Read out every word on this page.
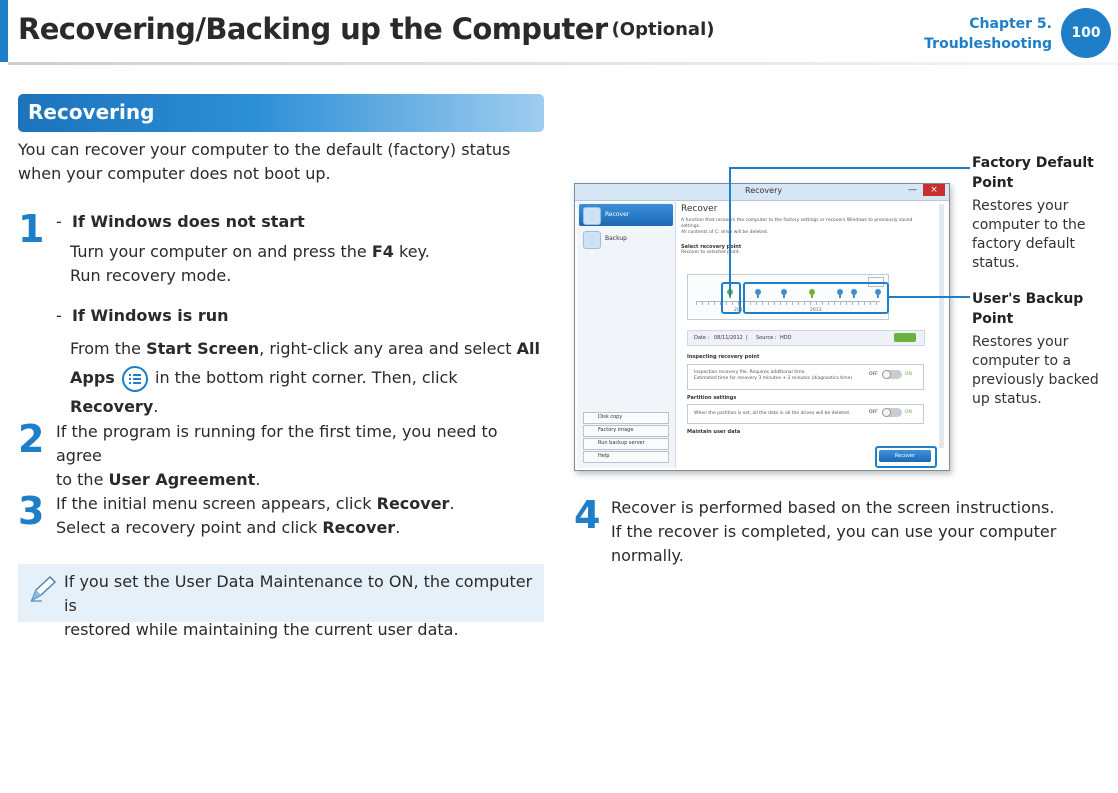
Recovering/Backing up the Computer (Optional)	Chapter 5.
Troubleshooting
100
Recovering
You can recover your computer to the default (factory) status
when your computer does not boot up.
1 -  If Windows does not start
Turn your computer on and press the F4 key.
Run recovery mode.
-  If Windows is run
From the Start Screen, right-click any area and select All Apps
in the bottom right corner. Then, click Recovery.
2 If the program is running for the first time, you need to agree
to the User Agreement.
3 If the initial menu screen appears, click Recover.
Select a recovery point and click Recover.
If you set the User Data Maintenance to ON, the computer is
restored while maintaining the current user data.
Recovery	—	×
Recover
Backup
Disk copy
Factory image
Run backup server
Help
Recover
A function that recovers the computer to the factory settings or recovers Windows to previously saved settings.
All contents of C: drive will be deleted.
Select recovery point
Recover to selected point.
2012	2013
Date : 08/11/2012 | Source : HDD
Inspecting recovery point
Inspection recovery file. Requires additional time.
Estimated time for recovery 3 minutes + 2 minutes (diagnostics time)
OFF	ON
Partition settings
When the partition is set, all the data in all the drives will be deleted.	OFF	ON
Maintain user data
Recover
Factory Default
Point
Restores your
computer to the
factory default
status.
User's Backup
Point
Restores your
computer to a
previously backed
up status.
4 Recover is performed based on the screen instructions.
If the recover is completed, you can use your computer
normally.
